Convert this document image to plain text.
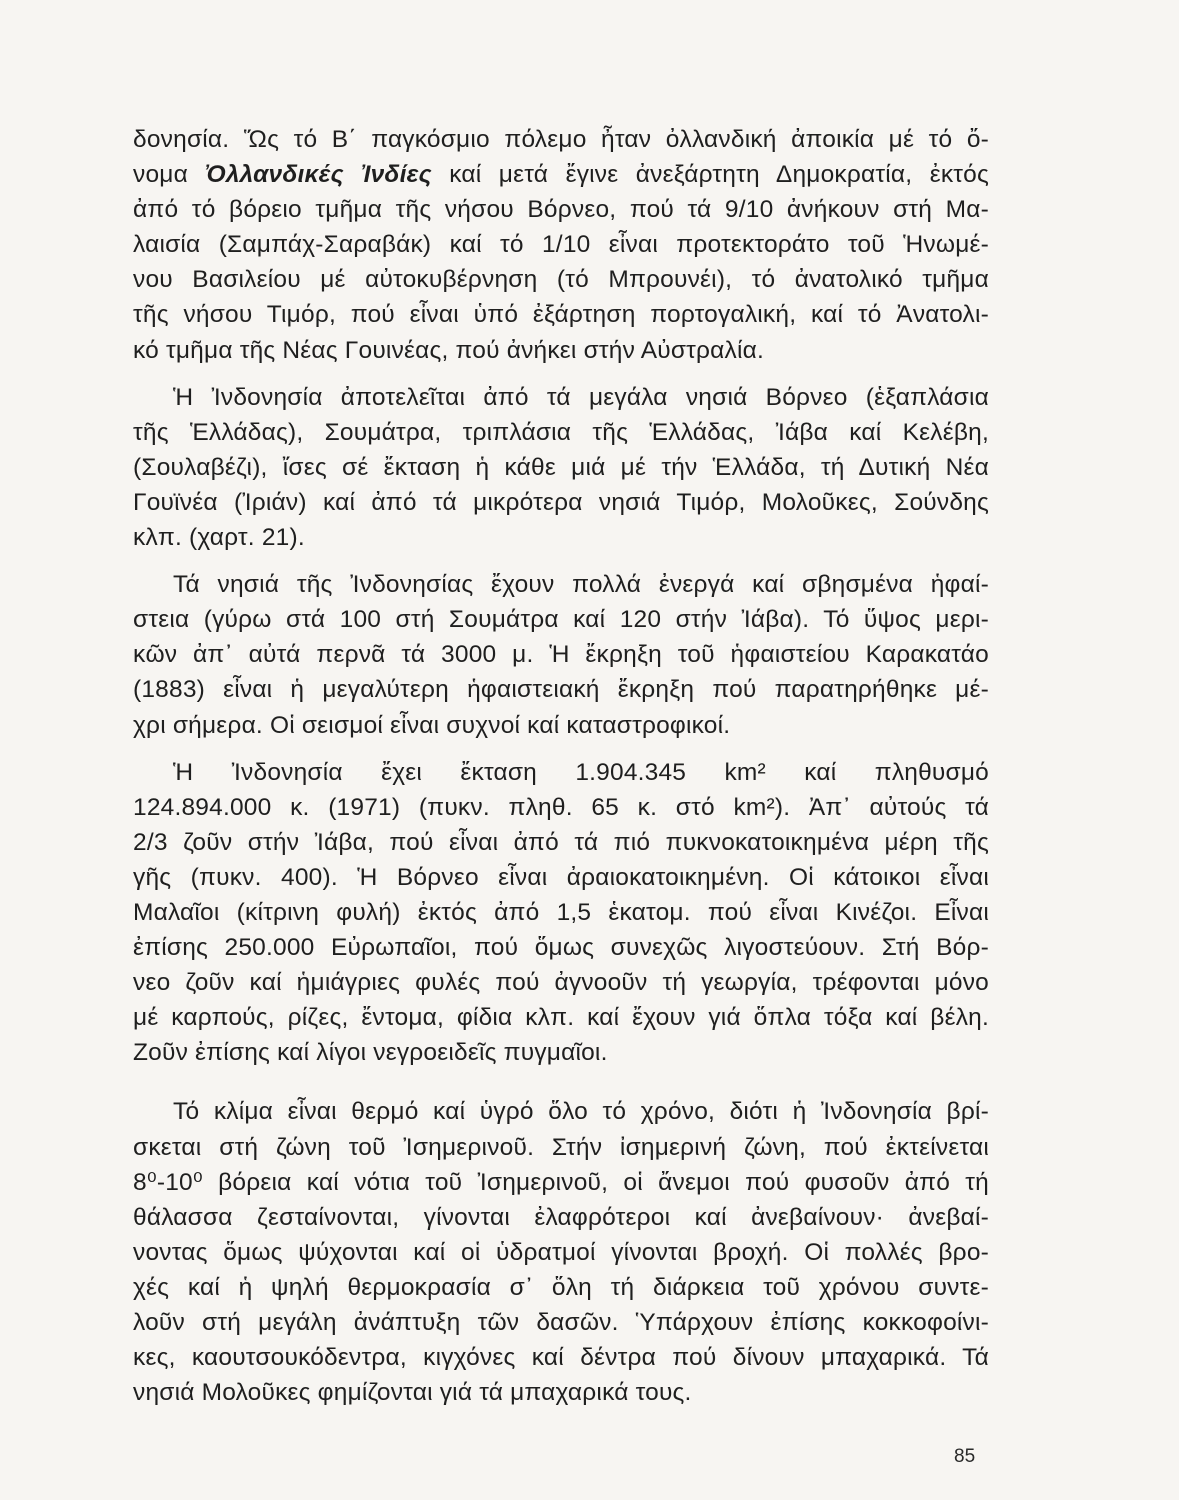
δονησία. Ὥς τό Β΄ παγκόσμιο πόλεμο ἦταν ὀλλανδική ἀποικία μέ τό ὄ-
νομα Ὀλλανδικές Ἰνδίες καί μετά ἔγινε ἀνεξάρτητη Δημοκρατία, ἐκτός
ἀπό τό βόρειο τμῆμα τῆς νήσου Βόρνεο, πού τά 9/10 ἀνήκουν στή Μα-
λαισία (Σαμπάχ-Σαραβάκ) καί τό 1/10 εἶναι προτεκτοράτο τοῦ Ἡνωμέ-
νου Βασιλείου μέ αὐτοκυβέρνηση (τό Μπρουνέι), τό ἀνατολικό τμῆμα
τῆς νήσου Τιμόρ, πού εἶναι ὑπό ἐξάρτηση πορτογαλική, καί τό Ἀνατολι-
κό τμῆμα τῆς Νέας Γουινέας, πού ἀνήκει στήν Αὐστραλία.
Ἡ Ἰνδονησία ἀποτελεῖται ἀπό τά μεγάλα νησιά Βόρνεο (ἑξαπλάσια
τῆς Ἑλλάδας), Σουμάτρα, τριπλάσια τῆς Ἑλλάδας, Ἰάβα καί Κελέβη,
(Σουλαβέζι), ἴσες σέ ἔκταση ἡ κάθε μιά μέ τήν Ἑλλάδα, τή Δυτική Νέα
Γουϊνέα (Ἰριάν) καί ἀπό τά μικρότερα νησιά Τιμόρ, Μολοῦκες, Σούνδης
κλπ. (χαρτ. 21).
Τά νησιά τῆς Ἰνδονησίας ἔχουν πολλά ἐνεργά καί σβησμένα ἡφαί-
στεια (γύρω στά 100 στή Σουμάτρα καί 120 στήν Ἰάβα). Τό ὕψος μερι-
κῶν ἀπ᾿ αὐτά περνᾶ τά 3000 μ. Ἡ ἔκρηξη τοῦ ἡφαιστείου Καρακατάο
(1883) εἶναι ἡ μεγαλύτερη ἡφαιστειακή ἔκρηξη πού παρατηρήθηκε μέ-
χρι σήμερα. Οἱ σεισμοί εἶναι συχνοί καί καταστροφικοί.
Ἡ Ἰνδονησία ἔχει ἔκταση 1.904.345 km² καί πληθυσμό
124.894.000 κ. (1971) (πυκν. πληθ. 65 κ. στό km²). Ἀπ᾿ αὐτούς τά
2/3 ζοῦν στήν Ἰάβα, πού εἶναι ἀπό τά πιό πυκνοκατοικημένα μέρη τῆς
γῆς (πυκν. 400). Ἡ Βόρνεο εἶναι ἀραιοκατοικημένη. Οἱ κάτοικοι εἶναι
Μαλαῖοι (κίτρινη φυλή) ἐκτός ἀπό 1,5 ἑκατομ. πού εἶναι Κινέζοι. Εἶναι
ἐπίσης 250.000 Εὐρωπαῖοι, πού ὅμως συνεχῶς λιγοστεύουν. Στή Βόρ-
νεο ζοῦν καί ἡμιάγριες φυλές πού ἀγνοοῦν τή γεωργία, τρέφονται μόνο
μέ καρπούς, ρίζες, ἔντομα, φίδια κλπ. καί ἔχουν γιά ὅπλα τόξα καί βέλη.
Ζοῦν ἐπίσης καί λίγοι νεγροειδεῖς πυγμαῖοι.
Τό κλίμα εἶναι θερμό καί ὑγρό ὅλο τό χρόνο, διότι ἡ Ἰνδονησία βρί-
σκεται στή ζώνη τοῦ Ἰσημερινοῦ. Στήν ἰσημερινή ζώνη, πού ἐκτείνεται
8⁰-10⁰ βόρεια καί νότια τοῦ Ἰσημερινοῦ, οἱ ἄνεμοι πού φυσοῦν ἀπό τή
θάλασσα ζεσταίνονται, γίνονται ἐλαφρότεροι καί ἀνεβαίνουν· ἀνεβαί-
νοντας ὅμως ψύχονται καί οἱ ὑδρατμοί γίνονται βροχή. Οἱ πολλές βρο-
χές καί ἡ ψηλή θερμοκρασία σ᾿ ὅλη τή διάρκεια τοῦ χρόνου συντε-
λοῦν στή μεγάλη ἀνάπτυξη τῶν δασῶν. Ὑπάρχουν ἐπίσης κοκκοφοίνι-
κες, καουτσουκόδεντρα, κιγχόνες καί δέντρα πού δίνουν μπαχαρικά. Τά
νησιά Μολοῦκες φημίζονται γιά τά μπαχαρικά τους.
85
